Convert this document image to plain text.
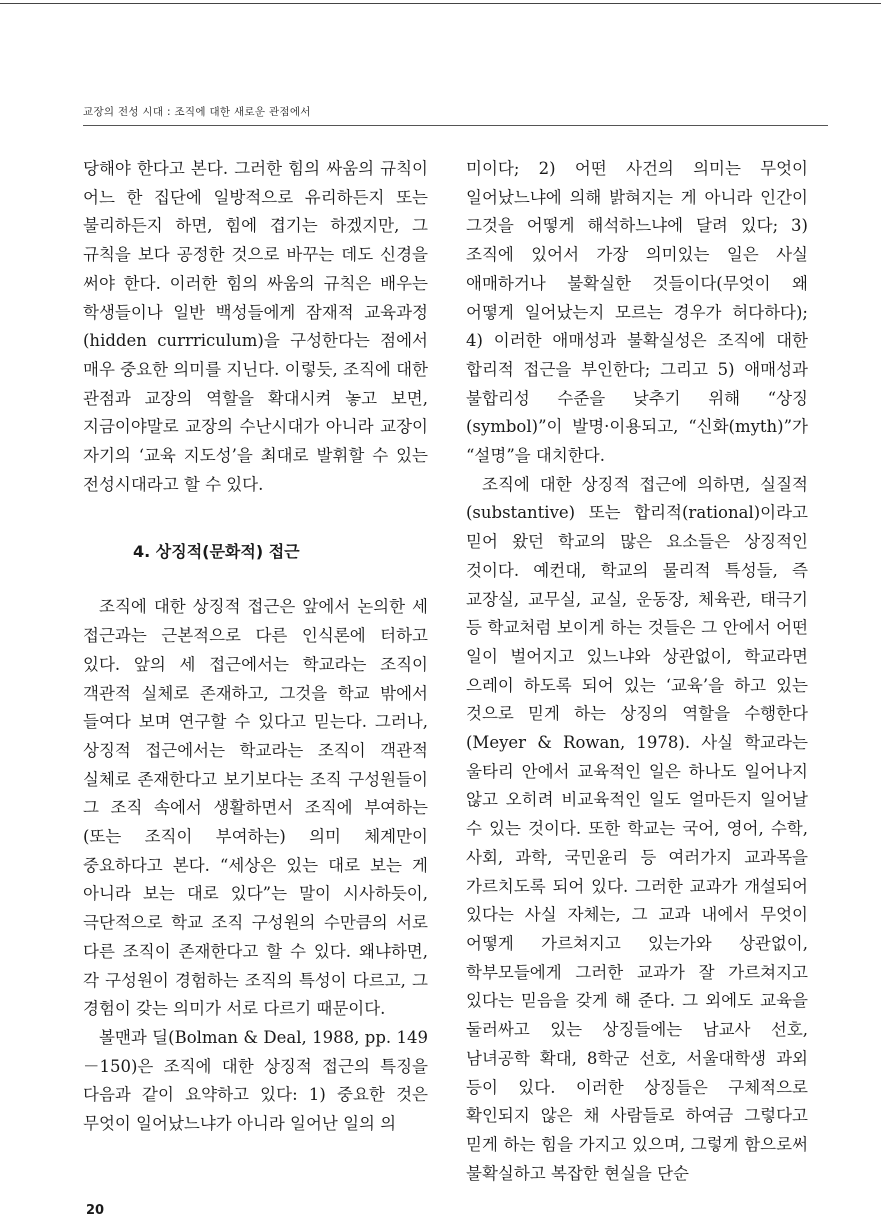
교장의 전성 시대 : 조직에 대한 새로운 관점에서

당해야 한다고 본다. 그러한 힘의 싸움의 규칙이 어느 한 집단에 일방적으로 유리하든지 또는 불리하든지 하면, 힘에 겹기는 하겠지만, 그 규칙을 보다 공정한 것으로 바꾸는 데도 신경을 써야 한다. 이러한 힘의 싸움의 규칙은 배우는 학생들이나 일반 백성들에게 잠재적 교육과정(hidden currriculum)을 구성한다는 점에서 매우 중요한 의미를 지닌다. 이렇듯, 조직에 대한 관점과 교장의 역할을 확대시켜 놓고 보면, 지금이야말로 교장의 수난시대가 아니라 교장이 자기의 ‘교육 지도성’을 최대로 발휘할 수 있는 전성시대라고 할 수 있다.

4. 상징적(문화적) 접근

조직에 대한 상징적 접근은 앞에서 논의한 세 접근과는 근본적으로 다른 인식론에 터하고 있다. 앞의 세 접근에서는 학교라는 조직이 객관적 실체로 존재하고, 그것을 학교 밖에서 들여다 보며 연구할 수 있다고 믿는다. 그러나, 상징적 접근에서는 학교라는 조직이 객관적 실체로 존재한다고 보기보다는 조직 구성원들이 그 조직 속에서 생활하면서 조직에 부여하는(또는 조직이 부여하는) 의미 체계만이 중요하다고 본다. “세상은 있는 대로 보는 게 아니라 보는 대로 있다”는 말이 시사하듯이, 극단적으로 학교 조직 구성원의 수만큼의 서로 다른 조직이 존재한다고 할 수 있다. 왜냐하면, 각 구성원이 경험하는 조직의 특성이 다르고, 그 경험이 갖는 의미가 서로 다르기 때문이다.

볼맨과 딜(Bolman & Deal, 1988, pp. 149－150)은 조직에 대한 상징적 접근의 특징을 다음과 같이 요약하고 있다: 1) 중요한 것은 무엇이 일어났느냐가 아니라 일어난 일의 의

미이다; 2) 어떤 사건의 의미는 무엇이 일어났느냐에 의해 밝혀지는 게 아니라 인간이 그것을 어떻게 해석하느냐에 달려 있다; 3) 조직에 있어서 가장 의미있는 일은 사실 애매하거나 불확실한 것들이다(무엇이 왜 어떻게 일어났는지 모르는 경우가 허다하다); 4) 이러한 애매성과 불확실성은 조직에 대한 합리적 접근을 부인한다; 그리고 5) 애매성과 불합리성 수준을 낮추기 위해 “상징(symbol)”이 발명·이용되고, “신화(myth)”가 “설명”을 대치한다.

조직에 대한 상징적 접근에 의하면, 실질적(substantive) 또는 합리적(rational)이라고 믿어 왔던 학교의 많은 요소들은 상징적인 것이다. 예컨대, 학교의 물리적 특성들, 즉 교장실, 교무실, 교실, 운동장, 체육관, 태극기 등 학교처럼 보이게 하는 것들은 그 안에서 어떤 일이 벌어지고 있느냐와 상관없이, 학교라면 으레이 하도록 되어 있는 ‘교육’을 하고 있는 것으로 믿게 하는 상징의 역할을 수행한다(Meyer & Rowan, 1978). 사실 학교라는 울타리 안에서 교육적인 일은 하나도 일어나지 않고 오히려 비교육적인 일도 얼마든지 일어날 수 있는 것이다. 또한 학교는 국어, 영어, 수학, 사회, 과학, 국민윤리 등 여러가지 교과목을 가르치도록 되어 있다. 그러한 교과가 개설되어 있다는 사실 자체는, 그 교과 내에서 무엇이 어떻게 가르쳐지고 있는가와 상관없이, 학부모들에게 그러한 교과가 잘 가르쳐지고 있다는 믿음을 갖게 해 준다. 그 외에도 교육을 둘러싸고 있는 상징들에는 남교사 선호, 남녀공학 확대, 8학군 선호, 서울대학생 과외 등이 있다. 이러한 상징들은 구체적으로 확인되지 않은 채 사람들로 하여금 그렇다고 믿게 하는 힘을 가지고 있으며, 그렇게 함으로써 불확실하고 복잡한 현실을 단순

20
